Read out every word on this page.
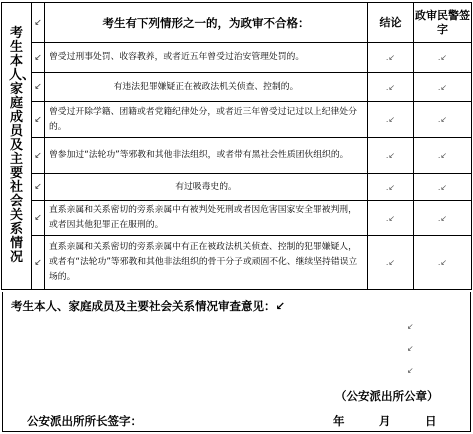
考生本人、家庭成员及主要社会关系情况	↙	考生有下列情形之一的，为政审不合格：	结论	政审民警签字
	↙	曾受过刑事处罚、收容教养，或者近五年曾受过治安管理处罚的。	.↙	.↙
	↙	有违法犯罪嫌疑正在被政法机关侦查、控制的。	.↙	.↙
	↙	曾受过开除学籍、团籍或者党籍纪律处分，或者近三年曾受过记过以上纪律处分的。	.↙	.↙
	↙	曾参加过“法轮功”等邪教和其他非法组织，或者带有黑社会性质团伙组织的。	.↙	.↙
	↙	有过吸毒史的。	.↙	.↙
	↙	直系亲属和关系密切的旁系亲属中有被判处死刑或者因危害国家安全罪被判刑，或者因其他犯罪正在服刑的。	.↙	.↙
	↙	直系亲属和关系密切的旁系亲属中有正在被政法机关侦查、控制的犯罪嫌疑人，或者有“法轮功”等邪教和其他非法组织的骨干分子或顽固不化、继续坚持错误立场的。	.↙	.↙
考生本人、家庭成员及主要社会关系情况审查意见：↙
↙
↙
↙
（公安派出所公章）
公安派出所所长签字：	年	月	日
